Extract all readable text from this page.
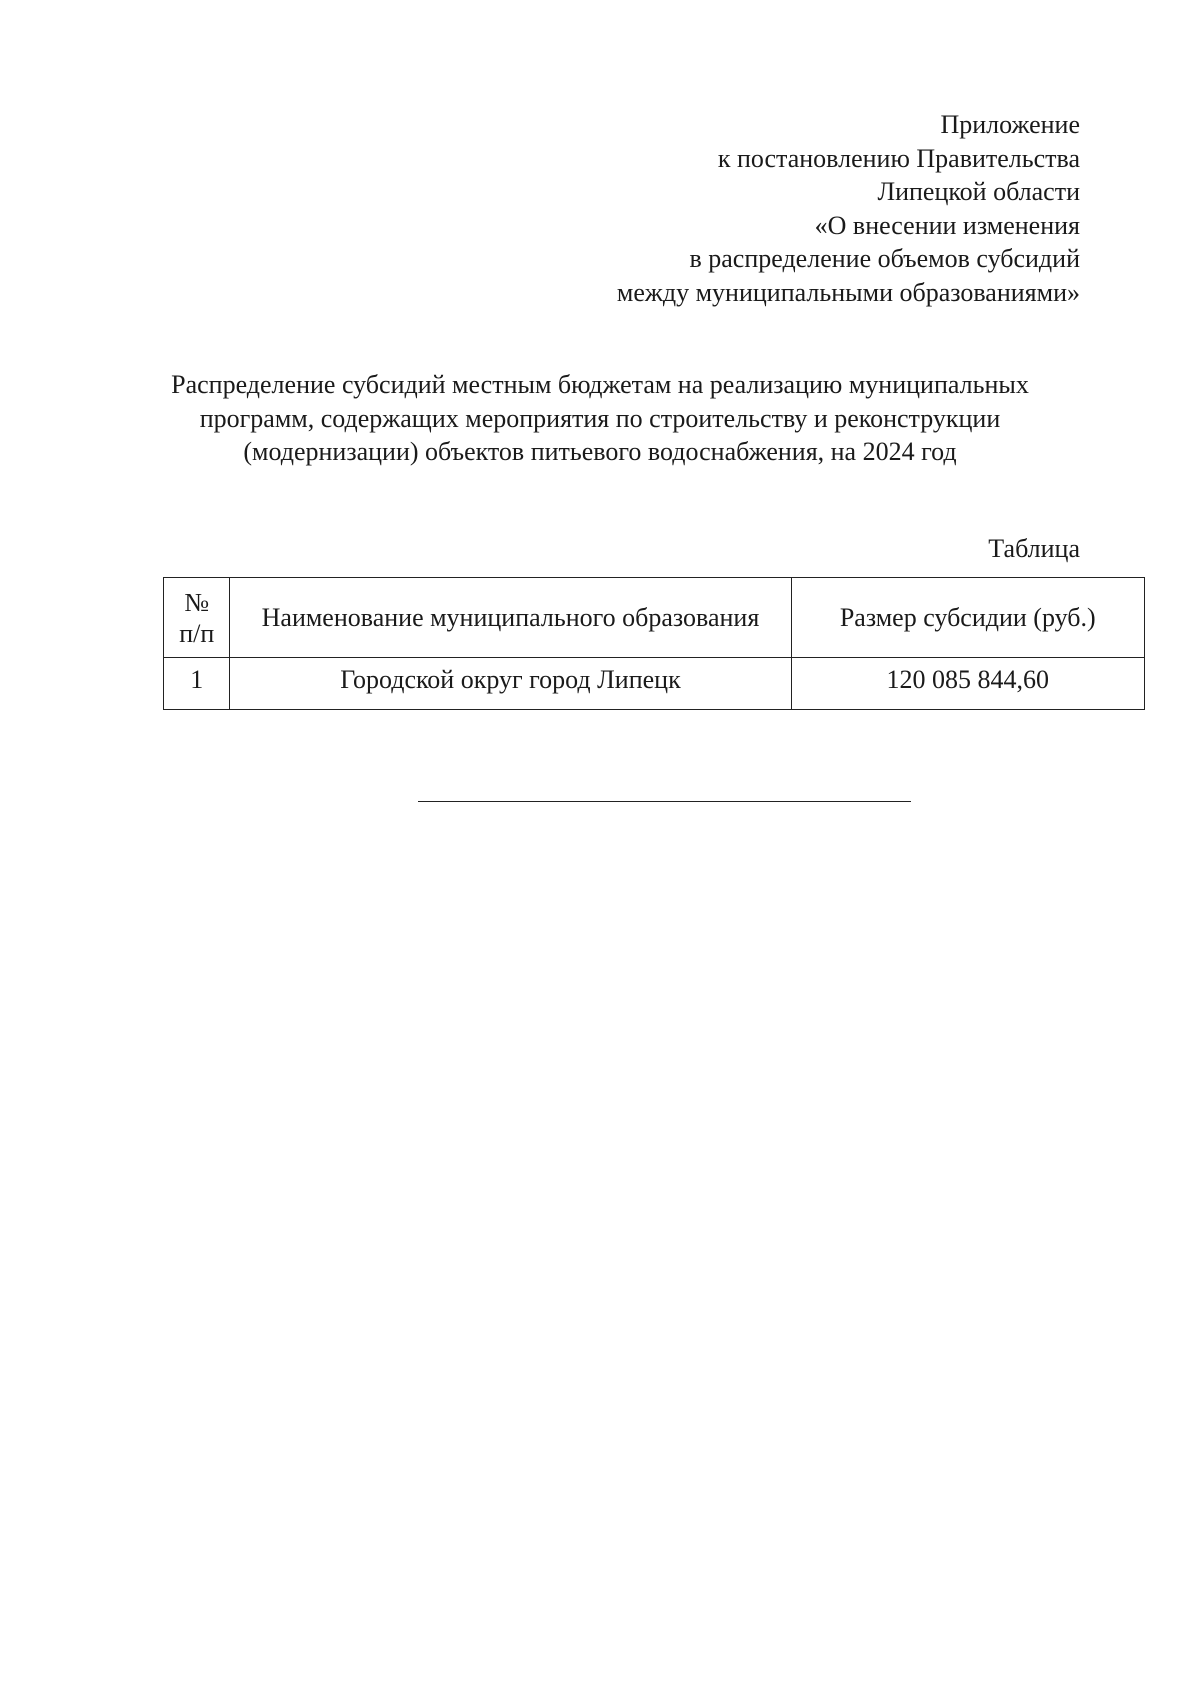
Приложение
к постановлению Правительства
Липецкой области
«О внесении изменения
в распределение объемов субсидий
между муниципальными образованиями»
Распределение субсидий местным бюджетам на реализацию муниципальных
программ, содержащих мероприятия по строительству и реконструкции
(модернизации) объектов питьевого водоснабжения, на 2024 год
Таблица
№
п/п	Наименование муниципального образования	Размер субсидии (руб.)
1	Городской округ город Липецк	120 085 844,60
